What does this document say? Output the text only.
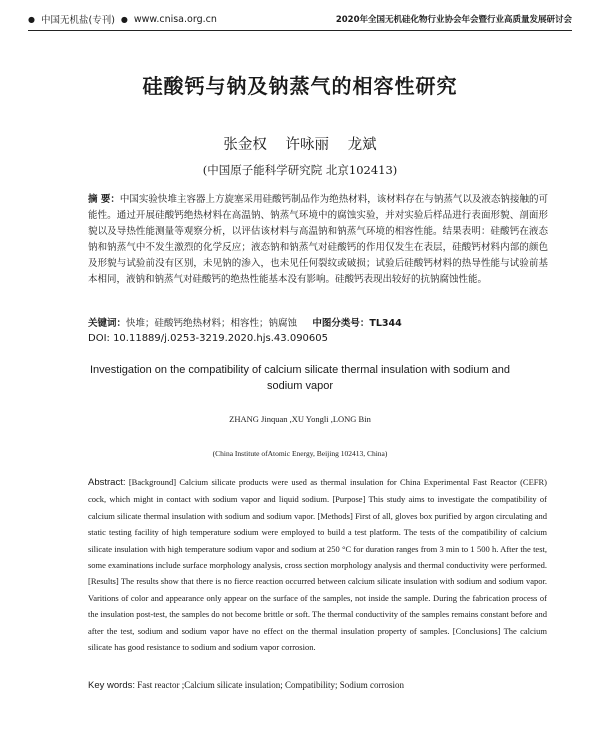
● 中国无机盐(专刊) ● www.cnisa.org.cn	2020年全国无机硅化物行业协会年会暨行业高质量发展研讨会
硅酸钙与钠及钠蒸气的相容性研究
张金权 许咏丽 龙斌
(中国原子能科学研究院 北京102413)
摘 要：中国实验快堆主容器上方旋塞采用硅酸钙制品作为绝热材料，该材料存在与钠蒸气以及液态钠接触的可能性。通过开展硅酸钙绝热材料在高温钠、钠蒸气环境中的腐蚀实验，并对实验后样品进行表面形貌、剖面形貌以及导热性能测量等观察分析，以评估该材料与高温钠和钠蒸气环境的相容性能。结果表明：硅酸钙在液态钠和钠蒸气中不发生激烈的化学反应；液态钠和钠蒸气对硅酸钙的作用仅发生在表层，硅酸钙材料内部的颜色及形貌与试验前没有区别，未见钠的渗入，也未见任何裂纹或破损；试验后硅酸钙材料的热导性能与试验前基本相同，液钠和钠蒸气对硅酸钙的绝热性能基本没有影响。硅酸钙表现出较好的抗钠腐蚀性能。
关键词：快堆；硅酸钙绝热材料；相容性；钠腐蚀 中图分类号：TL344
DOI: 10.11889/j.0253-3219.2020.hjs.43.090605
Investigation on the compatibility of calcium silicate thermal insulation with sodium and sodium vapor
ZHANG Jinquan ,XU Yongli ,LONG Bin
(China Institute ofAtomic Energy, Beijing 102413, China)
Abstract: [Background] Calcium silicate products were used as thermal insulation for China Experimental Fast Reactor (CEFR) cock, which might in contact with sodium vapor and liquid sodium. [Purpose] This study aims to investigate the compatibility of calcium silicate thermal insulation with sodium and sodium vapor. [Methods] First of all, gloves box purified by argon circulating and static testing facility of high temperature sodium were employed to build a test platform. The tests of the compatibility of calcium silicate insulation with high temperature sodium vapor and sodium at 250 °C for duration ranges from 3 min to 1 500 h. After the test, some examinations include surface morphology analysis, cross section morphology analysis and thermal conductivity were performed. [Results] The results show that there is no fierce reaction occurred between calcium silicate insulation with sodium and sodium vapor. Varitions of color and appearance only appear on the surface of the samples, not inside the sample. During the fabrication process of the insulation post-test, the samples do not become brittle or soft. The thermal conductivity of the samples remains constant before and after the test, sodium and sodium vapor have no effect on the thermal insulation property of samples. [Conclusions] The calcium silicate has good resistance to sodium and sodium vapor corrosion.
Key words: Fast reactor ;Calcium silicate insulation; Compatibility; Sodium corrosion
